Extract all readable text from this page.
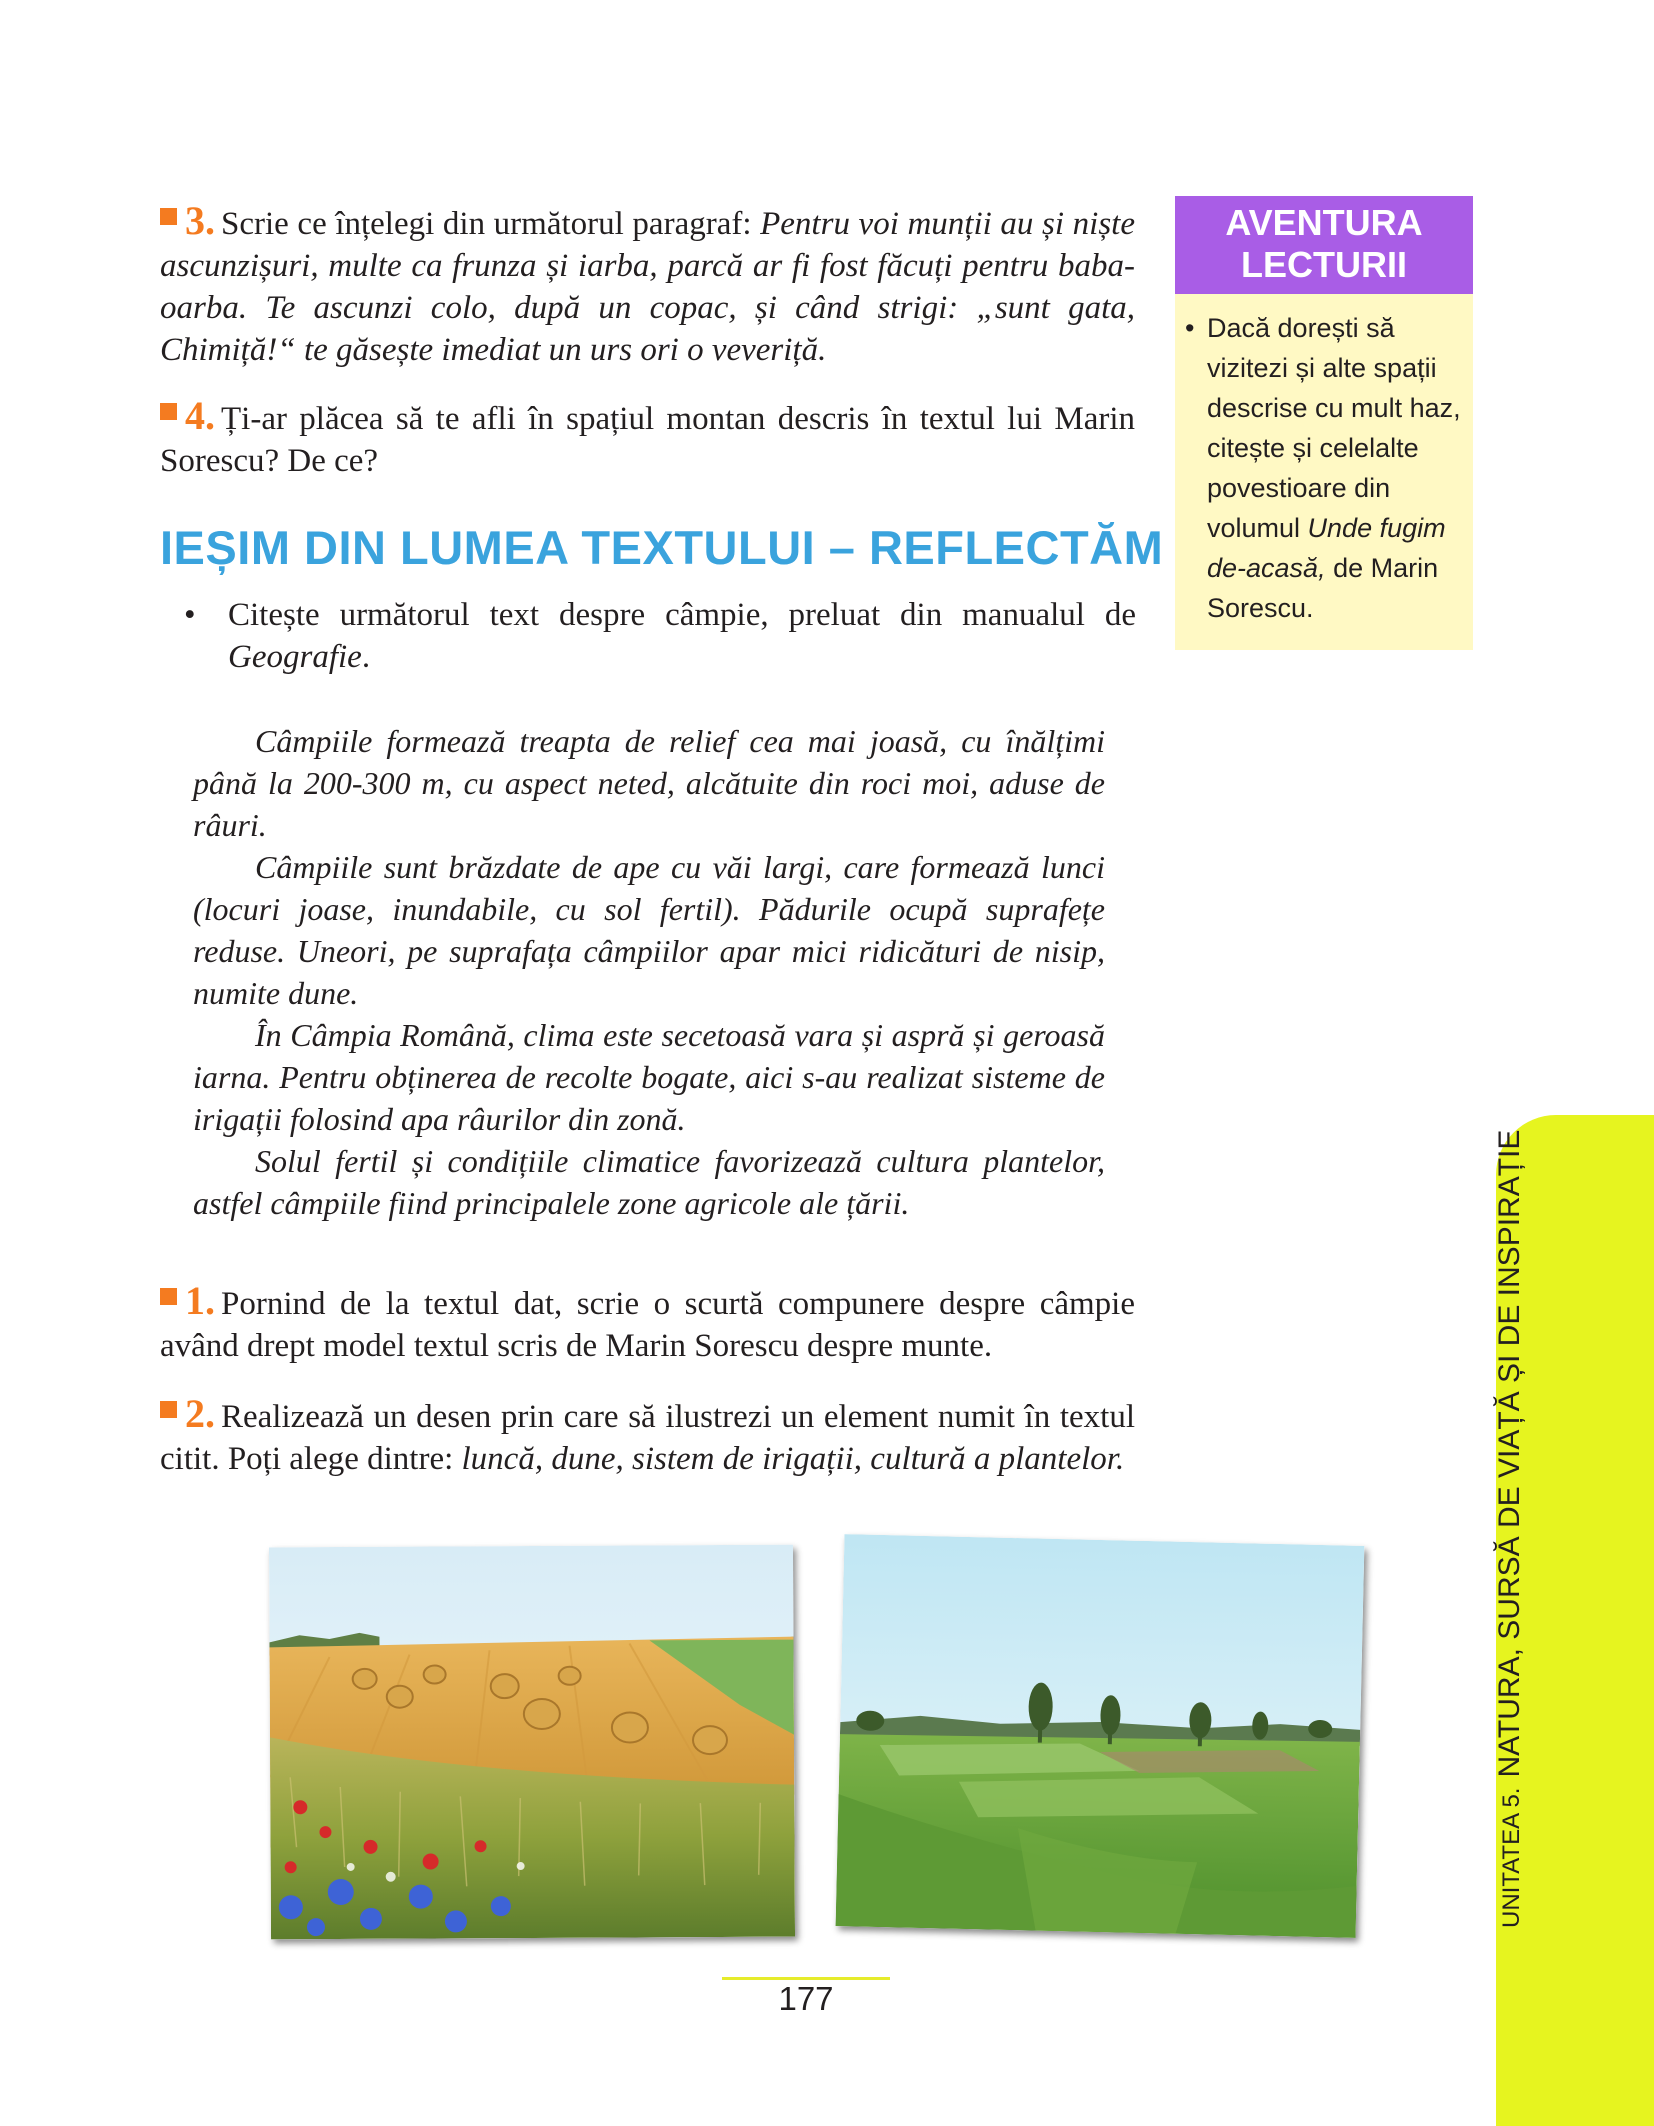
3. Scrie ce înțelegi din următorul paragraf: Pentru voi munții au și niște ascunzișuri, multe ca frunza și iarba, parcă ar fi fost făcuți pentru baba-oarba. Te ascunzi colo, după un copac, și când strigi: „sunt gata, Chimiță!“ te găsește imediat un urs ori o veveriță.
4. Ți-ar plăcea să te afli în spațiul montan descris în textul lui Marin Sorescu? De ce?
IEȘIM DIN LUMEA TEXTULUI – REFLECTĂM
• Citește următorul text despre câmpie, preluat din manualul de Geografie.

Câmpiile formează treapta de relief cea mai joasă, cu înălțimi până la 200-300 m, cu aspect neted, alcătuite din roci moi, aduse de râuri.

Câmpiile sunt brăzdate de ape cu văi largi, care formează lunci (locuri joase, inundabile, cu sol fertil). Pădurile ocupă suprafețe reduse. Uneori, pe suprafața câmpiilor apar mici ridicături de nisip, numite dune.

În Câmpia Română, clima este secetoasă vara și aspră și geroasă iarna. Pentru obținerea de recolte bogate, aici s-au realizat sisteme de irigații folosind apa râurilor din zonă.

Solul fertil și condițiile climatice favorizează cultura plantelor, astfel câmpiile fiind principalele zone agricole ale țării.

1. Pornind de la textul dat, scrie o scurtă compunere despre câmpie având drept model textul scris de Marin Sorescu despre munte.
2. Realizează un desen prin care să ilustrezi un element numit în textul citit. Poți alege dintre: luncă, dune, sistem de irigații, cultură a plantelor.
AVENTURA LECTURII
• Dacă dorești să vizitezi și alte spații descrise cu mult haz, citește și celelalte povestioare din volumul Unde fugim de-acasă, de Marin Sorescu.
177
UNITATEA 5.NATURA, SURSĂ DE VIAȚĂ ȘI DE INSPIRAȚIE
